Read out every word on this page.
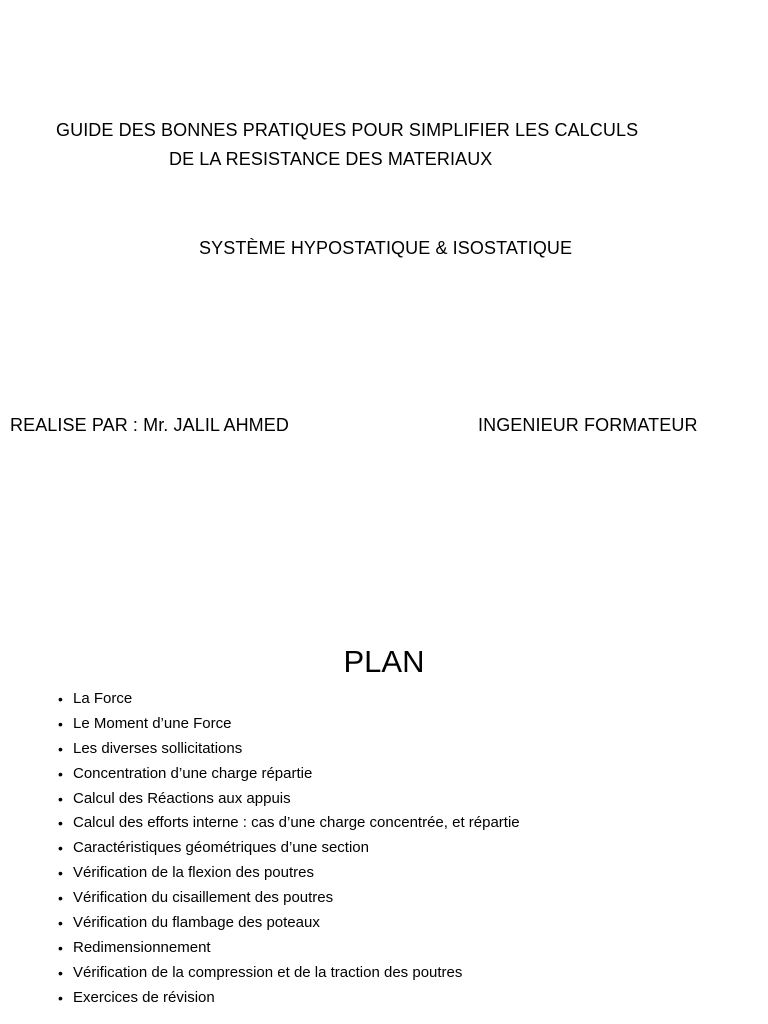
GUIDE DES BONNES PRATIQUES POUR SIMPLIFIER LES CALCULS
DE LA RESISTANCE DES MATERIAUX
SYSTÈME HYPOSTATIQUE & ISOSTATIQUE
REALISE PAR : Mr. JALIL AHMED	INGENIEUR FORMATEUR
PLAN
• La Force
• Le Moment d’une Force
• Les diverses sollicitations
• Concentration d’une charge répartie
• Calcul des Réactions aux appuis
• Calcul des efforts interne : cas d’une charge concentrée, et répartie
• Caractéristiques géométriques d’une section
• Vérification de la flexion des poutres
• Vérification du cisaillement des poutres
• Vérification du flambage des poteaux
• Redimensionnement
• Vérification de la compression et de la traction des poutres
• Exercices de révision
